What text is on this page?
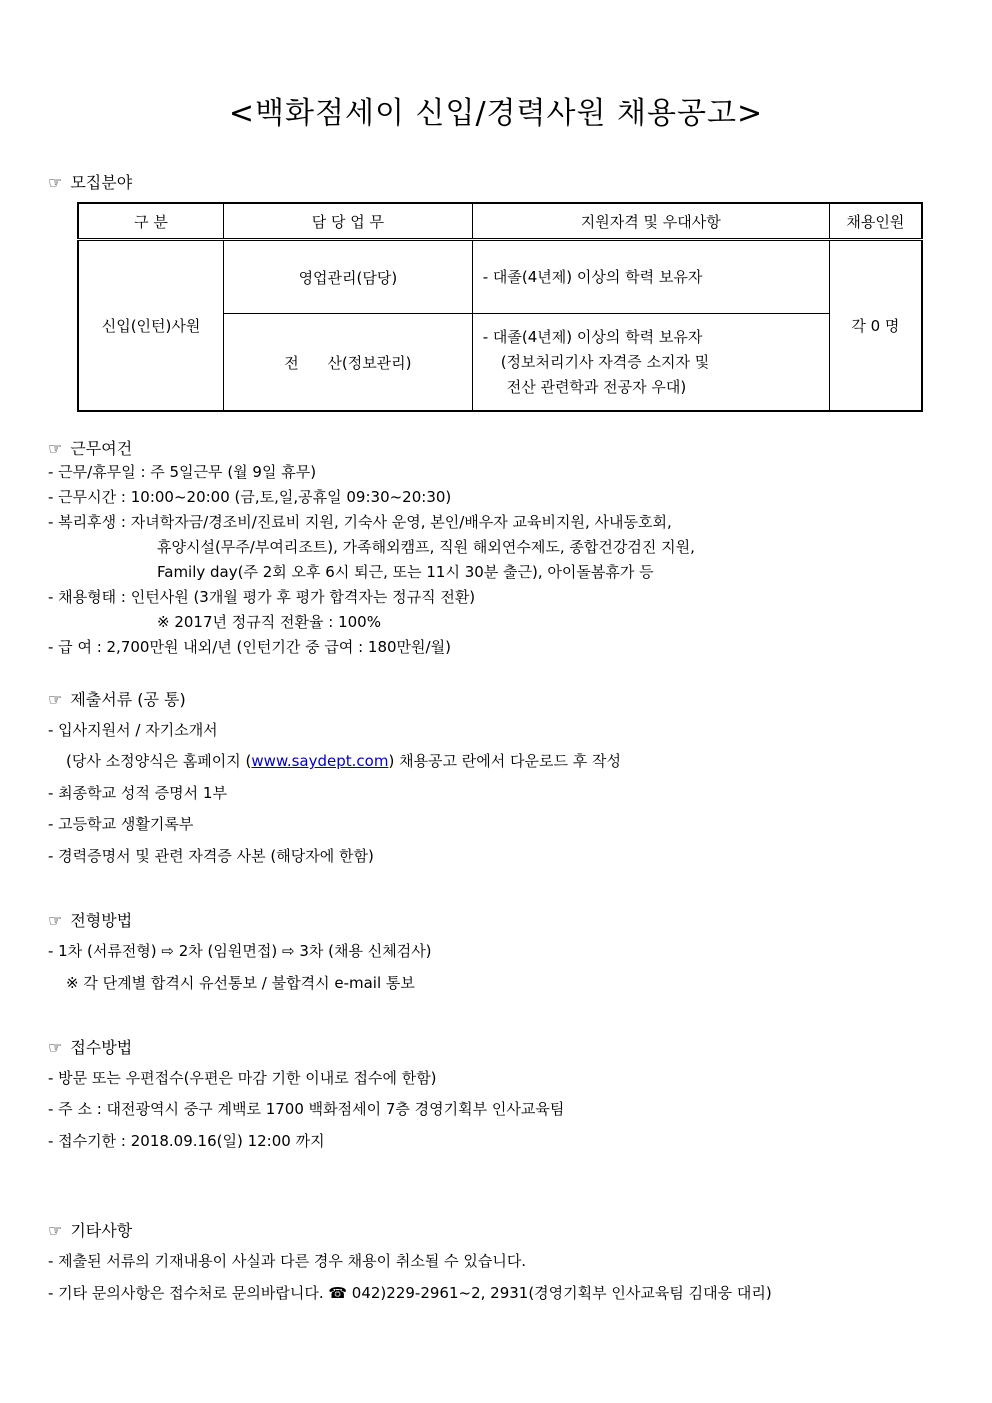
<백화점세이 신입/경력사원 채용공고>
☞ 모집분야
구 분	담 당 업 무	지원자격 및 우대사항	채용인원
신입(인턴)사원	영업관리(담당)	- 대졸(4년제) 이상의 학력 보유자	각 0 명
	전      산(정보관리)	- 대졸(4년제) 이상의 학력 보유자
(정보처리기사 자격증 소지자 및
전산 관련학과 전공자 우대)	
☞ 근무여건
- 근무/휴무일 : 주 5일근무 (월 9일 휴무)
- 근무시간 : 10:00~20:00 (금,토,일,공휴일 09:30~20:30)
- 복리후생 : 자녀학자금/경조비/진료비 지원, 기숙사 운영, 본인/배우자 교육비지원, 사내동호회,
휴양시설(무주/부여리조트), 가족해외캠프, 직원 해외연수제도, 종합건강검진 지원,
Family day(주 2회 오후 6시 퇴근, 또는 11시 30분 출근), 아이돌봄휴가 등
- 채용형태 : 인턴사원 (3개월 평가 후 평가 합격자는 정규직 전환)
※ 2017년 정규직 전환율 : 100%
- 급 여 : 2,700만원 내외/년 (인턴기간 중 급여 : 180만원/월)
☞ 제출서류 (공 통)
- 입사지원서 / 자기소개서
(당사 소정양식은 홈페이지 (www.saydept.com) 채용공고 란에서 다운로드 후 작성
- 최종학교 성적 증명서 1부
- 고등학교 생활기록부
- 경력증명서 및 관련 자격증 사본 (해당자에 한함)
☞ 전형방법
- 1차 (서류전형) ⇨ 2차 (임원면접) ⇨ 3차 (채용 신체검사)
※ 각 단계별 합격시 유선통보 / 불합격시 e-mail 통보
☞ 접수방법
- 방문 또는 우편접수(우편은 마감 기한 이내로 접수에 한함)
- 주 소 : 대전광역시 중구 계백로 1700 백화점세이 7층 경영기획부 인사교육팀
- 접수기한 : 2018.09.16(일) 12:00 까지
☞ 기타사항
- 제출된 서류의 기재내용이 사실과 다른 경우 채용이 취소될 수 있습니다.
- 기타 문의사항은 접수처로 문의바랍니다. ☎ 042)229-2961~2, 2931(경영기획부 인사교육팀 김대웅 대리)
